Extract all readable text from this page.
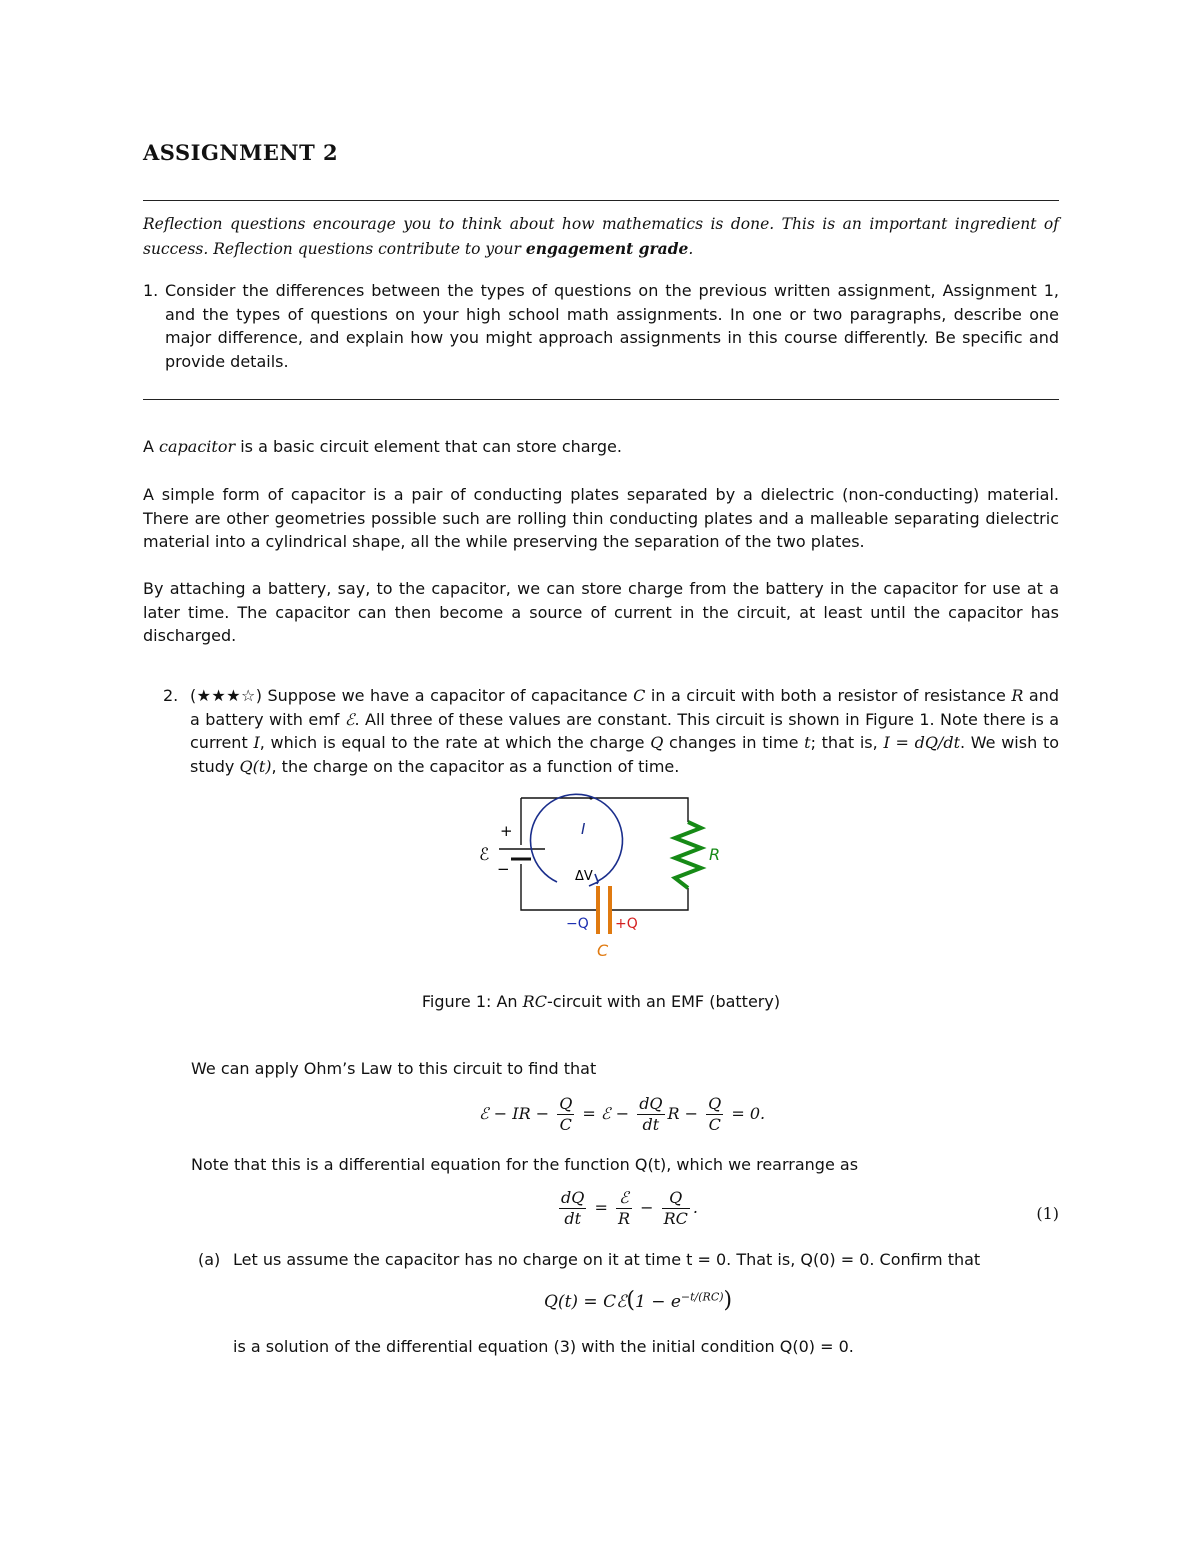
ASSIGNMENT 2

Reflection questions encourage you to think about how mathematics is done. This is an important ingredient of success. Reflection questions contribute to your engagement grade.

1. Consider the differences between the types of questions on the previous written assignment, Assignment 1, and the types of questions on your high school math assignments. In one or two paragraphs, describe one major difference, and explain how you might approach assignments in this course differently. Be specific and provide details.

A capacitor is a basic circuit element that can store charge.

A simple form of capacitor is a pair of conducting plates separated by a dielectric (non-conducting) material. There are other geometries possible such are rolling thin conducting plates and a malleable separating dielectric material into a cylindrical shape, all the while preserving the separation of the two plates.

By attaching a battery, say, to the capacitor, we can store charge from the battery in the capacitor for use at a later time. The capacitor can then become a source of current in the circuit, at least until the capacitor has discharged.

2. (★★★☆) Suppose we have a capacitor of capacitance C in a circuit with both a resistor of resistance R and a battery with emf ℰ. All three of these values are constant. This circuit is shown in Figure 1. Note there is a current I, which is equal to the rate at which the charge Q changes in time t; that is, I = dQ/dt. We wish to study Q(t), the charge on the capacitor as a function of time.

+
−
ℰ	R
I
ΔV
−Q +Q
C
Figure 1: An RC-circuit with an EMF (battery)

We can apply Ohm’s Law to this circuit to find that

ℰ − IR − $\frac{Q}{C}$ = ℰ − $\frac{dQ}{dt}$ $R - \frac{Q}{C} = 0$.

Note that this is a differential equation for the function Q(t), which we rearrange as

$\frac{dQ}{dt} = \frac{\text{ℰ}}{R} - \frac{Q}{RC}$ .	(1)
(a) Let us assume the capacitor has no charge on it at time t = 0. That is, Q(0) = 0. Confirm that

Q(t) = Cℰ(1 − $e^{-t/(RC)}$)

is a solution of the differential equation (3) with the initial condition Q(0) = 0.
